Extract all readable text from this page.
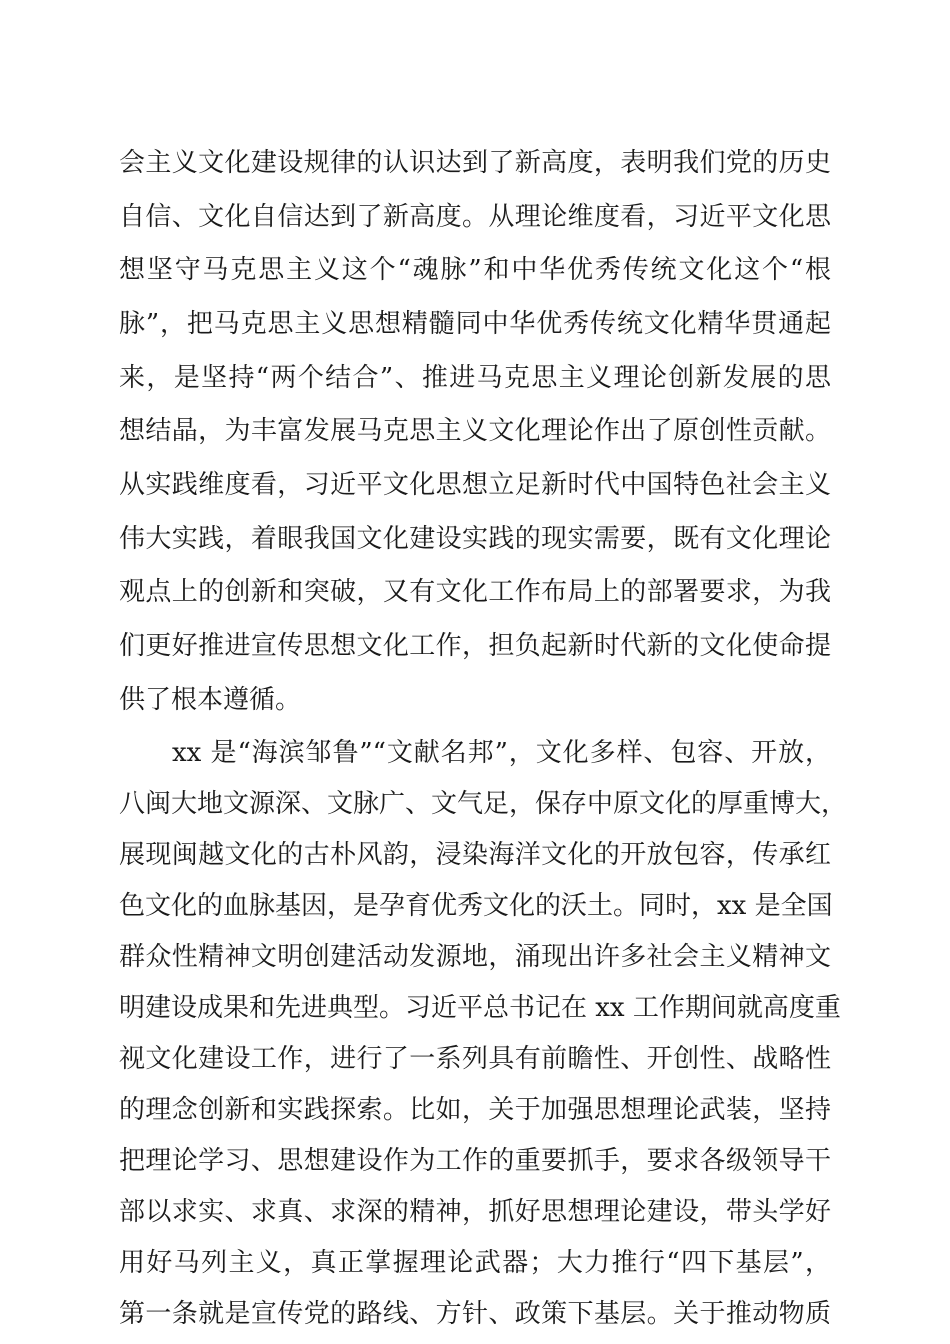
会主义文化建设规律的认识达到了新高度，表明我们党的历史
自信、文化自信达到了新高度。从理论维度看，习近平文化思
想坚守马克思主义这个“魂脉”和中华优秀传统文化这个“根
脉”，把马克思主义思想精髓同中华优秀传统文化精华贯通起
来，是坚持“两个结合”、推进马克思主义理论创新发展的思
想结晶，为丰富发展马克思主义文化理论作出了原创性贡献。
从实践维度看，习近平文化思想立足新时代中国特色社会主义
伟大实践，着眼我国文化建设实践的现实需要，既有文化理论
观点上的创新和突破，又有文化工作布局上的部署要求，为我
们更好推进宣传思想文化工作，担负起新时代新的文化使命提
供了根本遵循。
xx 是“海滨邹鲁”“文献名邦”，文化多样、包容、开放，
八闽大地文源深、文脉广、文气足，保存中原文化的厚重博大，
展现闽越文化的古朴风韵，浸染海洋文化的开放包容，传承红
色文化的血脉基因，是孕育优秀文化的沃土。同时，xx 是全国
群众性精神文明创建活动发源地，涌现出许多社会主义精神文
明建设成果和先进典型。习近平总书记在 xx 工作期间就高度重
视文化建设工作，进行了一系列具有前瞻性、开创性、战略性
的理念创新和实践探索。比如，关于加强思想理论武装，坚持
把理论学习、思想建设作为工作的重要抓手，要求各级领导干
部以求实、求真、求深的精神，抓好思想理论建设，带头学好
用好马列主义，真正掌握理论武器；大力推行“四下基层”，
第一条就是宣传党的路线、方针、政策下基层。关于推动物质
